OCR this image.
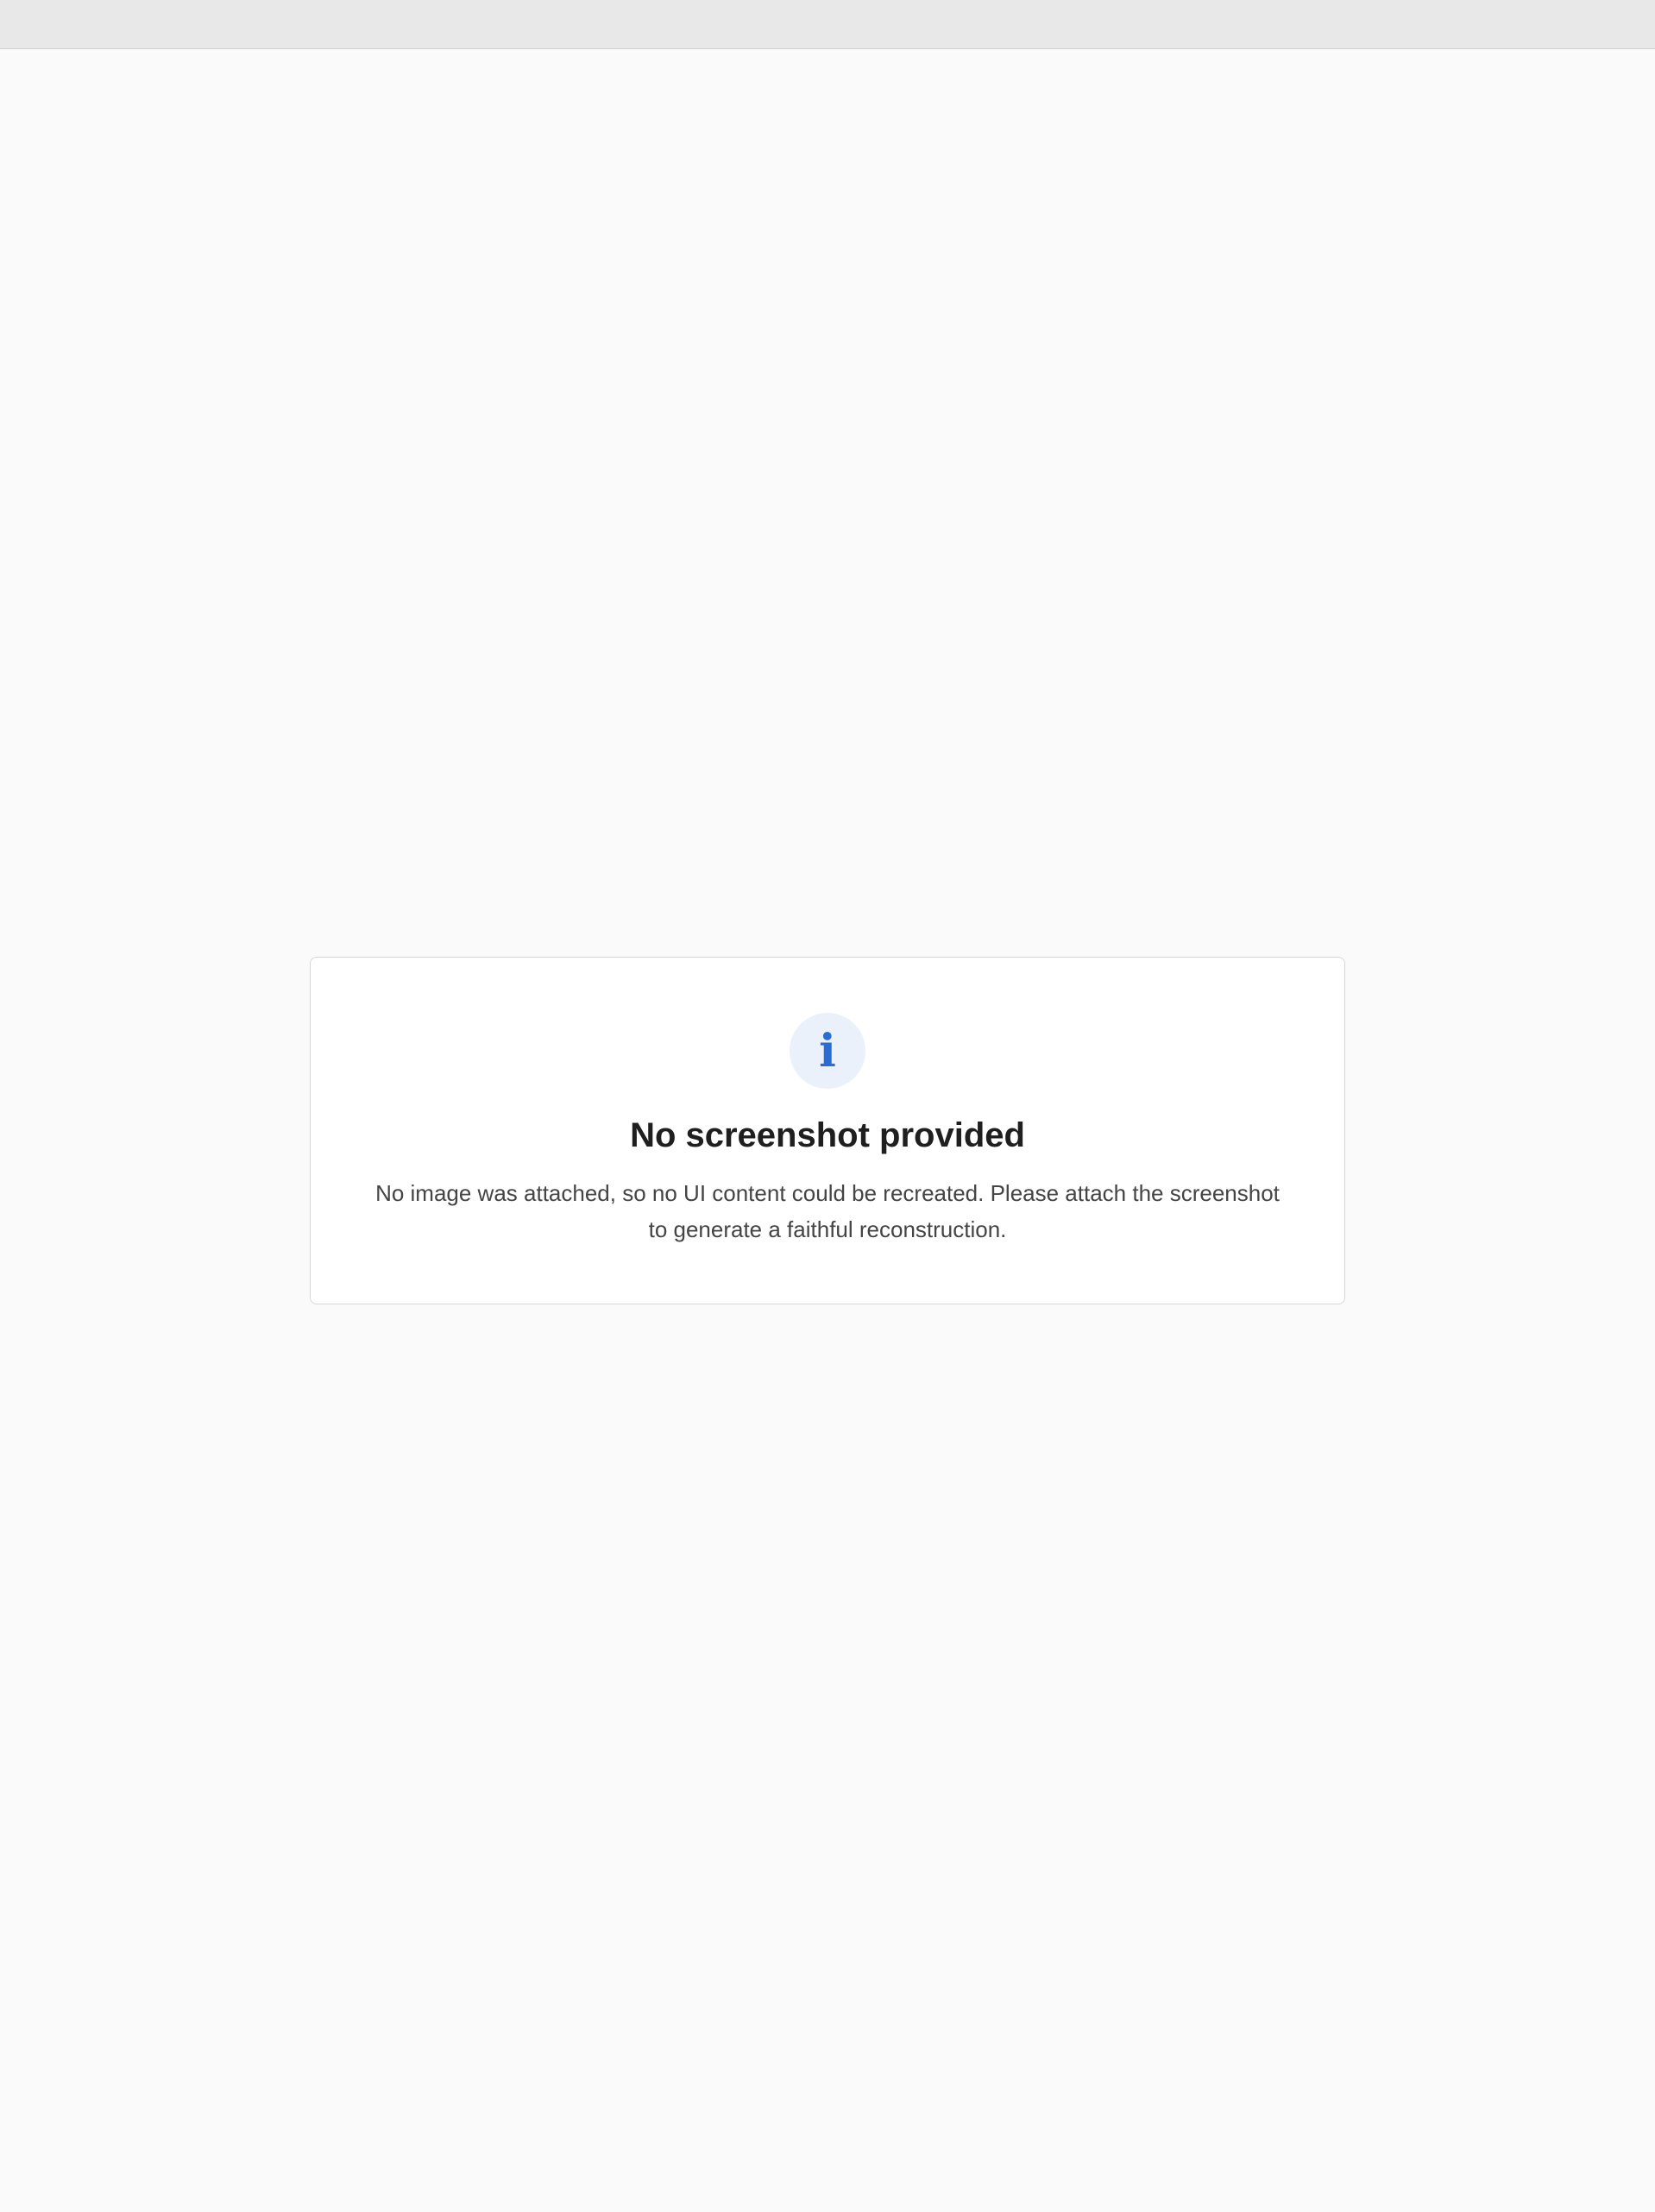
i
No screenshot provided

No image was attached, so no UI content could be recreated. Please attach the screenshot to generate a faithful reconstruction.
